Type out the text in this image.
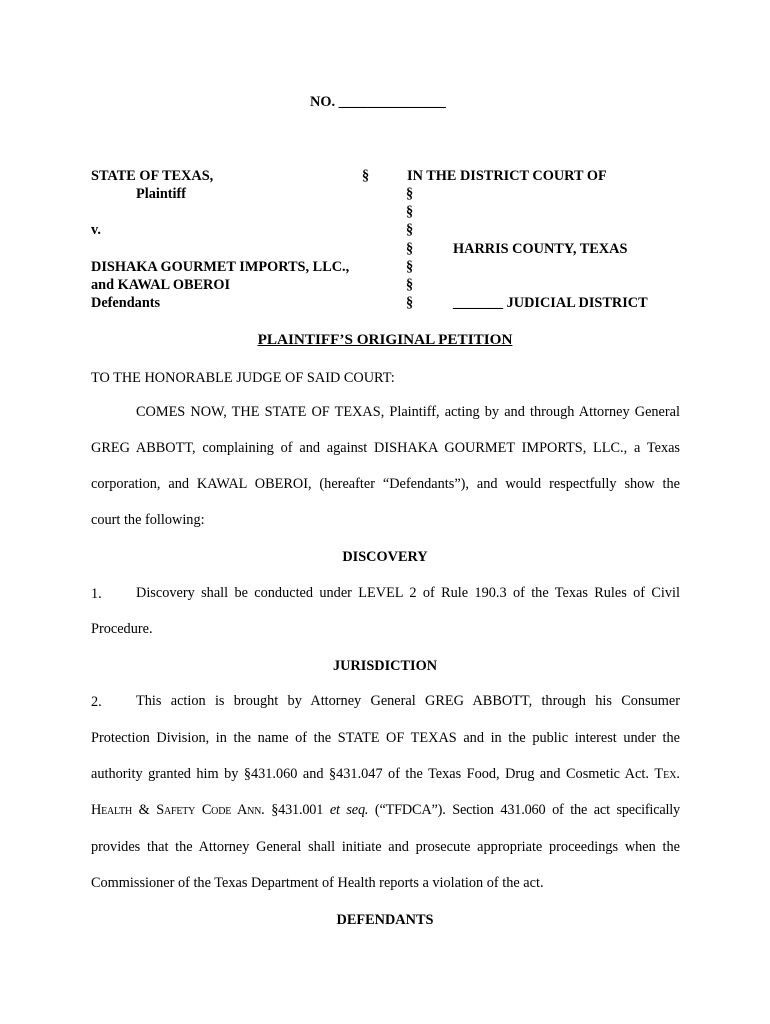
NO. _______________

STATE OF TEXAS,

Plaintiff

v.

DISHAKA GOURMET IMPORTS, LLC.,

and KAWAL OBEROI

Defendants

§

§

§

§

§

§

§

§

IN THE DISTRICT COURT OF

HARRIS COUNTY, TEXAS

_______ JUDICIAL DISTRICT

PLAINTIFF’S ORIGINAL PETITION

TO THE HONORABLE JUDGE OF SAID COURT:

COMES NOW, THE STATE OF TEXAS, Plaintiff, acting by and through Attorney General

GREG ABBOTT, complaining of and against DISHAKA GOURMET IMPORTS, LLC., a Texas

corporation, and KAWAL OBEROI, (hereafter “Defendants”), and would respectfully show the

court the following:

DISCOVERY

1. Discovery shall be conducted under LEVEL 2 of Rule 190.3 of the Texas Rules of Civil

Procedure.

JURISDICTION

2. This action is brought by Attorney General GREG ABBOTT, through his Consumer

Protection Division, in the name of the STATE OF TEXAS and in the public interest under the

authority granted him by §431.060 and §431.047 of the Texas Food, Drug and Cosmetic Act. Tex.

Health & Safety Code Ann. §431.001 et seq. (“TFDCA”). Section 431.060 of the act specifically

provides that the Attorney General shall initiate and prosecute appropriate proceedings when the

Commissioner of the Texas Department of Health reports a violation of the act.

DEFENDANTS
